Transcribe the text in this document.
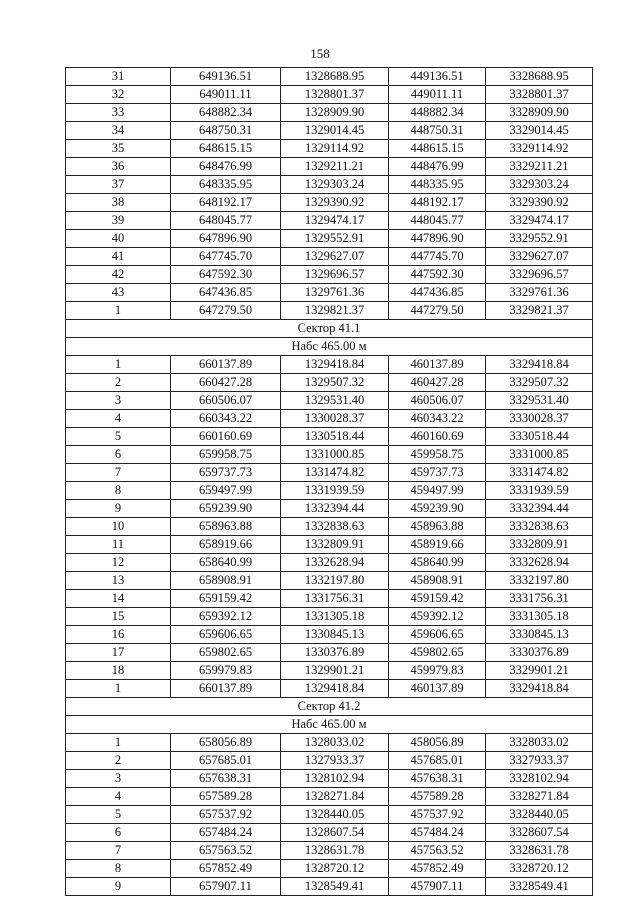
158
31	649136.51	1328688.95	449136.51	3328688.95
32	649011.11	1328801.37	449011.11	3328801.37
33	648882.34	1328909.90	448882.34	3328909.90
34	648750.31	1329014.45	448750.31	3329014.45
35	648615.15	1329114.92	448615.15	3329114.92
36	648476.99	1329211.21	448476.99	3329211.21
37	648335.95	1329303.24	448335.95	3329303.24
38	648192.17	1329390.92	448192.17	3329390.92
39	648045.77	1329474.17	448045.77	3329474.17
40	647896.90	1329552.91	447896.90	3329552.91
41	647745.70	1329627.07	447745.70	3329627.07
42	647592.30	1329696.57	447592.30	3329696.57
43	647436.85	1329761.36	447436.85	3329761.36
1	647279.50	1329821.37	447279.50	3329821.37
Сектор 41.1				
Набс 465.00 м				
1	660137.89	1329418.84	460137.89	3329418.84
2	660427.28	1329507.32	460427.28	3329507.32
3	660506.07	1329531.40	460506.07	3329531.40
4	660343.22	1330028.37	460343.22	3330028.37
5	660160.69	1330518.44	460160.69	3330518.44
6	659958.75	1331000.85	459958.75	3331000.85
7	659737.73	1331474.82	459737.73	3331474.82
8	659497.99	1331939.59	459497.99	3331939.59
9	659239.90	1332394.44	459239.90	3332394.44
10	658963.88	1332838.63	458963.88	3332838.63
11	658919.66	1332809.91	458919.66	3332809.91
12	658640.99	1332628.94	458640.99	3332628.94
13	658908.91	1332197.80	458908.91	3332197.80
14	659159.42	1331756.31	459159.42	3331756.31
15	659392.12	1331305.18	459392.12	3331305.18
16	659606.65	1330845.13	459606.65	3330845.13
17	659802.65	1330376.89	459802.65	3330376.89
18	659979.83	1329901.21	459979.83	3329901.21
1	660137.89	1329418.84	460137.89	3329418.84
Сектор 41.2				
Набс 465.00 м				
1	658056.89	1328033.02	458056.89	3328033.02
2	657685.01	1327933.37	457685.01	3327933.37
3	657638.31	1328102.94	457638.31	3328102.94
4	657589.28	1328271.84	457589.28	3328271.84
5	657537.92	1328440.05	457537.92	3328440.05
6	657484.24	1328607.54	457484.24	3328607.54
7	657563.52	1328631.78	457563.52	3328631.78
8	657852.49	1328720.12	457852.49	3328720.12
9	657907.11	1328549.41	457907.11	3328549.41
